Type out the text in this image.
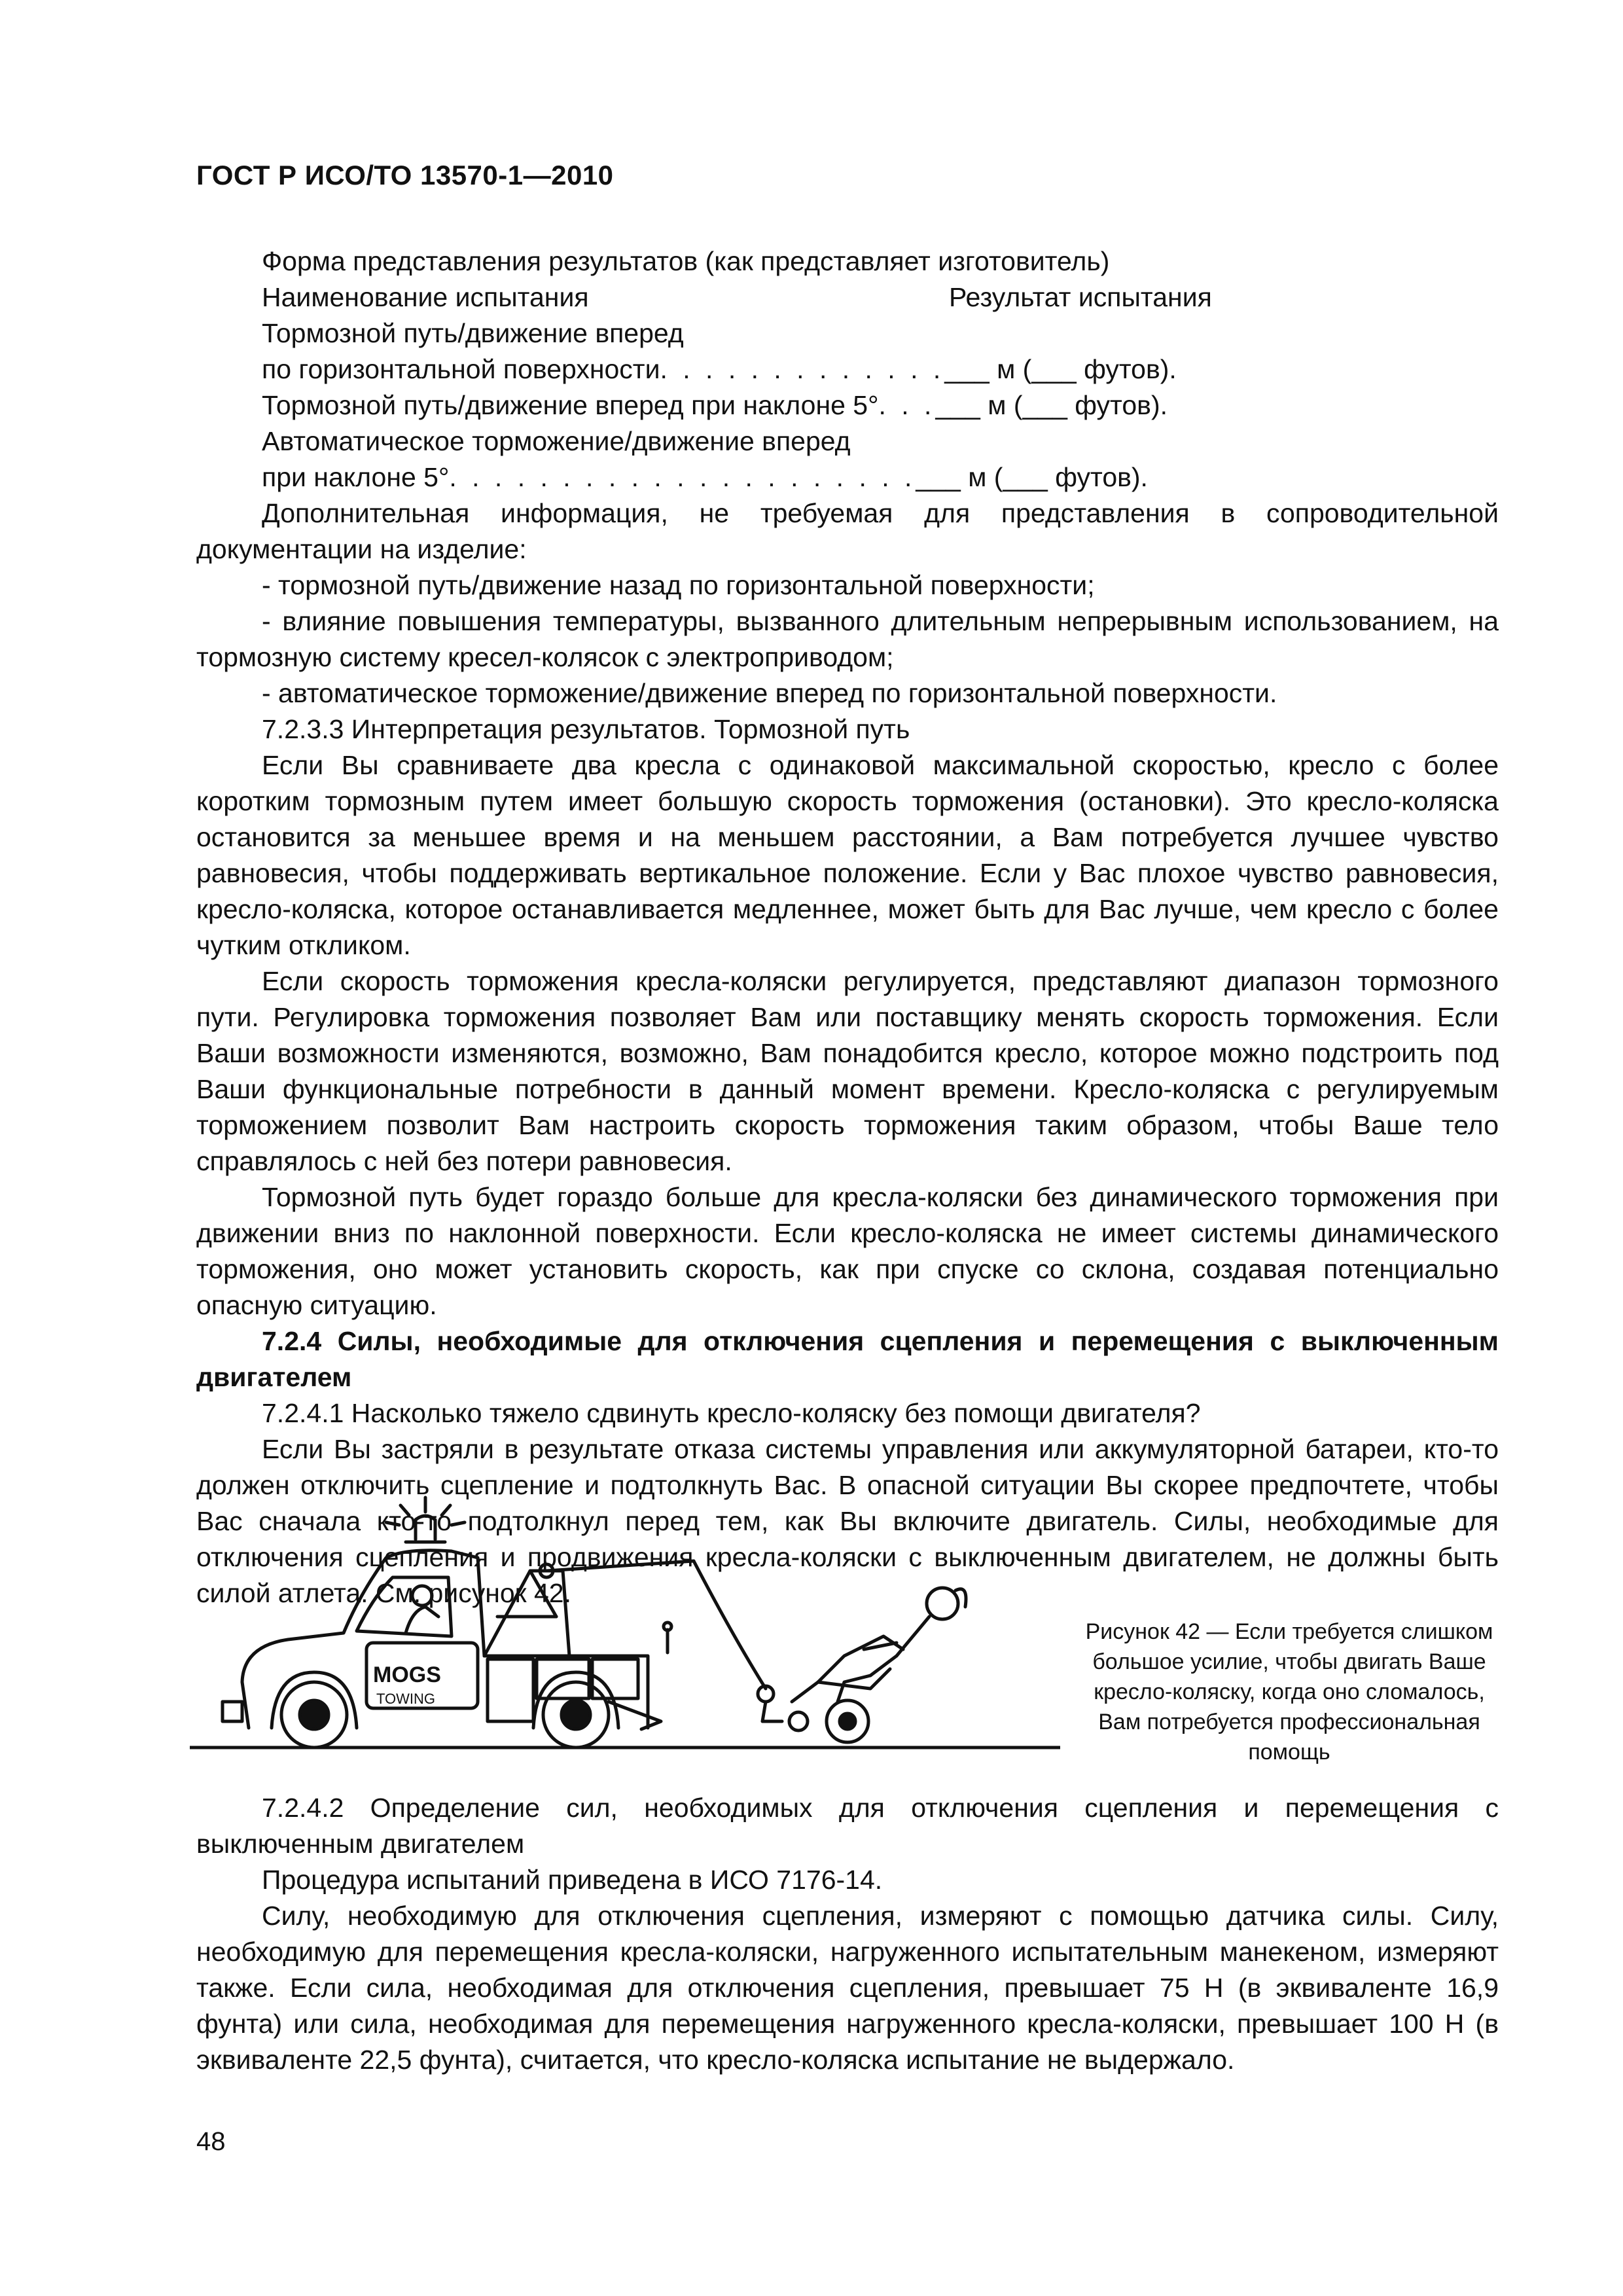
ГОСТ Р ИСО/ТО 13570-1—2010

Форма представления результатов (как представляет изготовитель)

Наименование испытания	Результат испытания

Тормозной путь/движение вперед

по горизонтальной поверхности . . . . . . . . . . . . . ___ м (___ футов).
Тормозной путь/движение вперед при наклоне 5° . . . ___ м (___ футов).

Автоматическое торможение/движение вперед

при наклоне 5° . . . . . . . . . . . . . . . . . . . . . ___ м (___ футов).

Дополнительная информация, не требуемая для представления в сопроводительной документации на изделие:

- тормозной путь/движение назад по горизонтальной поверхности;

- влияние повышения температуры, вызванного длительным непрерывным использованием, на тормозную систему кресел-колясок с электроприводом;

- автоматическое торможение/движение вперед по горизонтальной поверхности.

7.2.3.3 Интерпретация результатов. Тормозной путь

Если Вы сравниваете два кресла с одинаковой максимальной скоростью, кресло с более коротким тормозным путем имеет большую скорость торможения (остановки). Это кресло-коляска остановится за меньшее время и на меньшем расстоянии, а Вам потребуется лучшее чувство равновесия, чтобы поддерживать вертикальное положение. Если у Вас плохое чувство равновесия, кресло-коляска, которое останавливается медленнее, может быть для Вас лучше, чем кресло с более чутким откликом.

Если скорость торможения кресла-коляски регулируется, представляют диапазон тормозного пути. Регулировка торможения позволяет Вам или поставщику менять скорость торможения. Если Ваши возможности изменяются, возможно, Вам понадобится кресло, которое можно подстроить под Ваши функциональные потребности в данный момент времени. Кресло-коляска с регулируемым торможением позволит Вам настроить скорость торможения таким образом, чтобы Ваше тело справлялось с ней без потери равновесия.

Тормозной путь будет гораздо больше для кресла-коляски без динамического торможения при движении вниз по наклонной поверхности. Если кресло-коляска не имеет системы динамического торможения, оно может установить скорость, как при спуске со склона, создавая потенциально опасную ситуацию.

7.2.4 Силы, необходимые для отключения сцепления и перемещения с выключенным двигателем

7.2.4.1 Насколько тяжело сдвинуть кресло-коляску без помощи двигателя?

Если Вы застряли в результате отказа системы управления или аккумуляторной батареи, кто-то должен отключить сцепление и подтолкнуть Вас. В опасной ситуации Вы скорее предпочтете, чтобы Вас сначала кто-то подтолкнул перед тем, как Вы включите двигатель. Силы, необходимые для отключения сцепления и продвижения кресла-коляски с выключенным двигателем, не должны быть силой атлета. См. рисунок 42.

MOGS
TOWING
Рисунок 42 — Если требуется слишком большое усилие, чтобы двигать Ваше кресло-коляску, когда оно сломалось, Вам потребуется профессиональная помощь

7.2.4.2 Определение сил, необходимых для отключения сцепления и перемещения с выключенным двигателем

Процедура испытаний приведена в ИСО 7176-14.

Силу, необходимую для отключения сцепления, измеряют с помощью датчика силы. Силу, необходимую для перемещения кресла-коляски, нагруженного испытательным манекеном, измеряют также. Если сила, необходимая для отключения сцепления, превышает 75 Н (в эквиваленте 16,9 фунта) или сила, необходимая для перемещения нагруженного кресла-коляски, превышает 100 Н (в эквиваленте 22,5 фунта), считается, что кресло-коляска испытание не выдержало.

48
